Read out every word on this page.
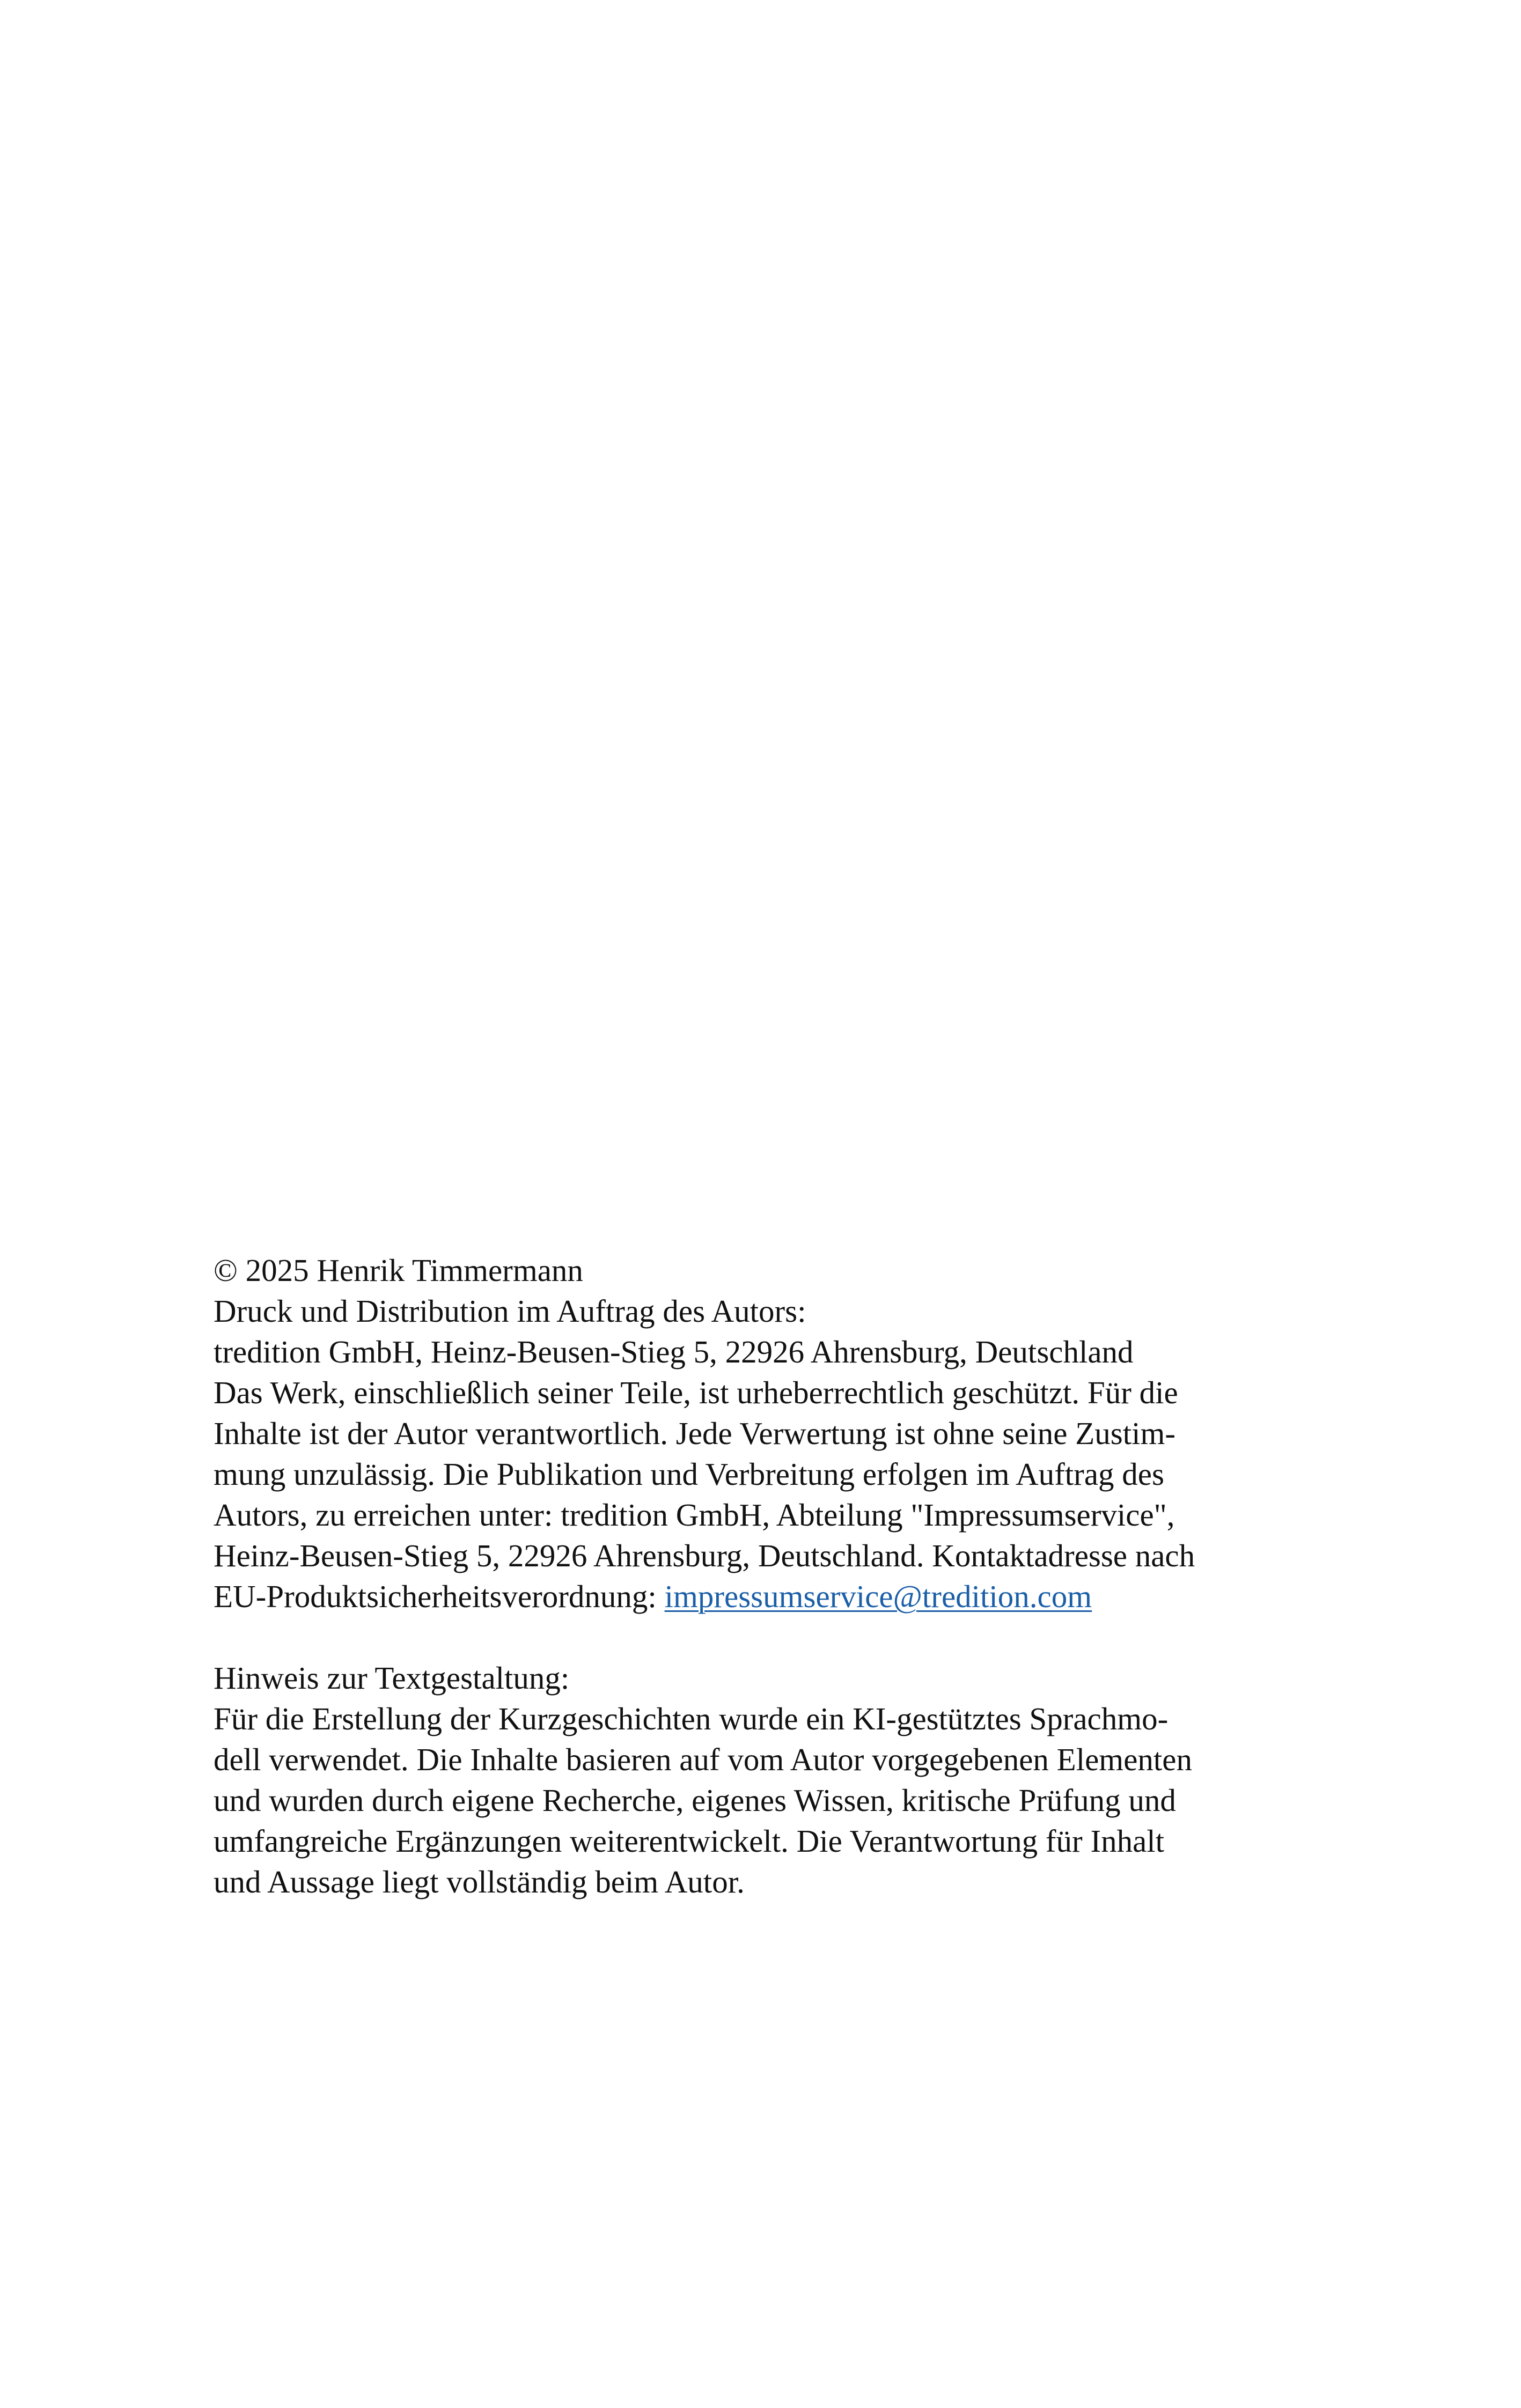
© 2025 Henrik Timmermann
Druck und Distribution im Auftrag des Autors:
tredition GmbH, Heinz-Beusen-Stieg 5, 22926 Ahrensburg, Deutschland
Das Werk, einschließlich seiner Teile, ist urheberrechtlich geschützt. Für die
Inhalte ist der Autor verantwortlich. Jede Verwertung ist ohne seine Zustim-
mung unzulässig. Die Publikation und Verbreitung erfolgen im Auftrag des
Autors, zu erreichen unter: tredition GmbH, Abteilung "Impressumservice",
Heinz-Beusen-Stieg 5, 22926 Ahrensburg, Deutschland. Kontaktadresse nach
EU-Produktsicherheitsverordnung: impressumservice@tredition.com
Hinweis zur Textgestaltung:
Für die Erstellung der Kurzgeschichten wurde ein KI-gestütztes Sprachmo-
dell verwendet. Die Inhalte basieren auf vom Autor vorgegebenen Elementen
und wurden durch eigene Recherche, eigenes Wissen, kritische Prüfung und
umfangreiche Ergänzungen weiterentwickelt. Die Verantwortung für Inhalt
und Aussage liegt vollständig beim Autor.
